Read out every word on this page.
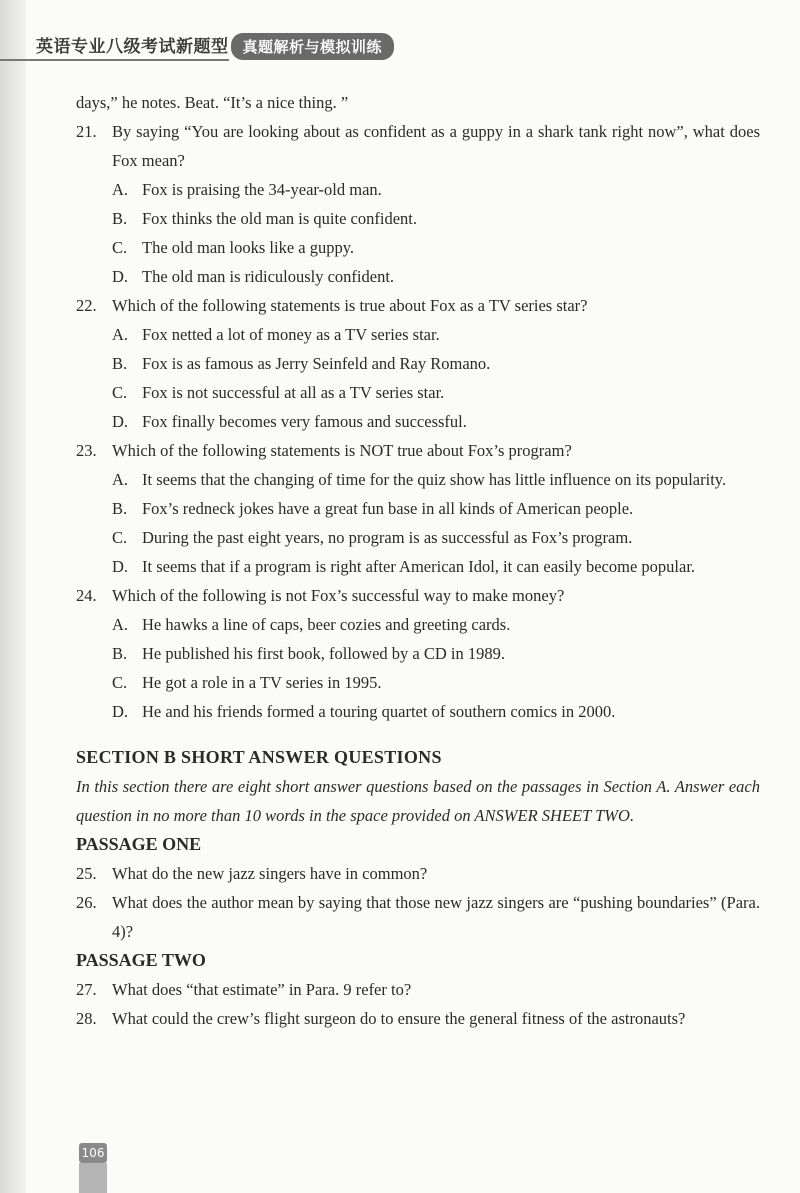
英语专业八级考试新题型 真题解析与模拟训练

days,” he notes. Beat. “It’s a nice thing. ”

21. By saying “You are looking about as confident as a guppy in a shark tank right now”, what does Fox mean?
A. Fox is praising the 34-year-old man.
B. Fox thinks the old man is quite confident.
C. The old man looks like a guppy.
D. The old man is ridiculously confident.
22. Which of the following statements is true about Fox as a TV series star?
A. Fox netted a lot of money as a TV series star.
B. Fox is as famous as Jerry Seinfeld and Ray Romano.
C. Fox is not successful at all as a TV series star.
D. Fox finally becomes very famous and successful.
23. Which of the following statements is NOT true about Fox’s program?
A. It seems that the changing of time for the quiz show has little influence on its popularity.
B. Fox’s redneck jokes have a great fun base in all kinds of American people.
C. During the past eight years, no program is as successful as Fox’s program.
D. It seems that if a program is right after American Idol, it can easily become popular.
24. Which of the following is not Fox’s successful way to make money?
A. He hawks a line of caps, beer cozies and greeting cards.
B. He published his first book, followed by a CD in 1989.
C. He got a role in a TV series in 1995.
D. He and his friends formed a touring quartet of southern comics in 2000.
SECTION B SHORT ANSWER QUESTIONS
In this section there are eight short answer questions based on the passages in Section A. Answer each question in no more than 10 words in the space provided on ANSWER SHEET TWO.
PASSAGE ONE
25. What do the new jazz singers have in common?
26. What does the author mean by saying that those new jazz singers are “pushing boundaries” (Para. 4)?
PASSAGE TWO
27. What does “that estimate” in Para. 9 refer to?
28. What could the crew’s flight surgeon do to ensure the general fitness of the astronauts?
106
